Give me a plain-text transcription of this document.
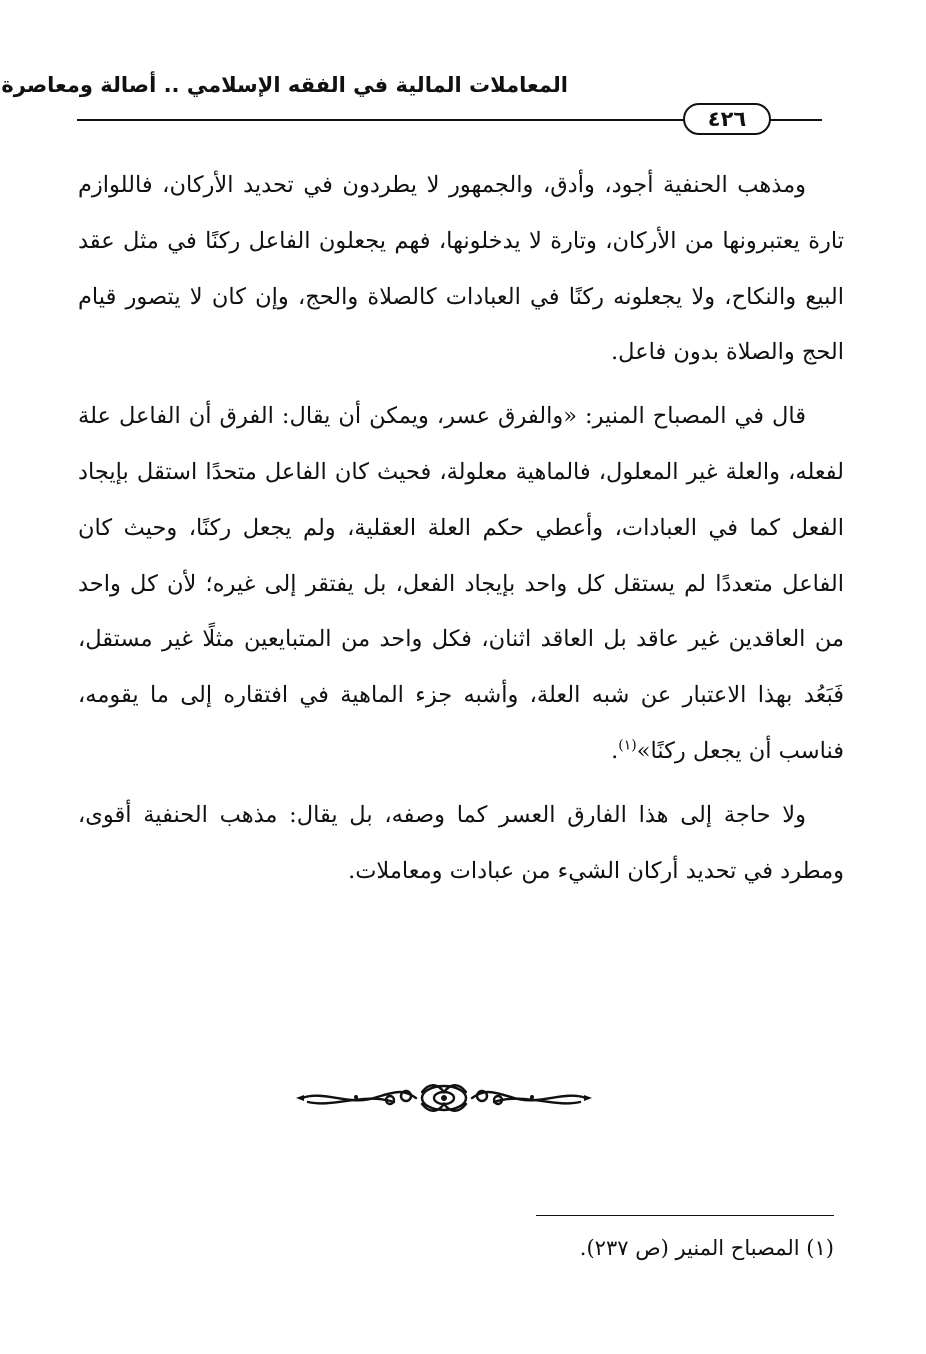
المعاملات المالية في الفقه الإسلامي .. أصالة ومعاصرة
٤٢٦

ومذهب الحنفية أجود، وأدق، والجمهور لا يطردون في تحديد الأركان، فاللوازم تارة يعتبرونها من الأركان، وتارة لا يدخلونها، فهم يجعلون الفاعل ركنًا في مثل عقد البيع والنكاح، ولا يجعلونه ركنًا في العبادات كالصلاة والحج، وإن كان لا يتصور قيام الحج والصلاة بدون فاعل.

قال في المصباح المنير: «والفرق عسر، ويمكن أن يقال: الفرق أن الفاعل علة لفعله، والعلة غير المعلول، فالماهية معلولة، فحيث كان الفاعل متحدًا استقل بإيجاد الفعل كما في العبادات، وأعطي حكم العلة العقلية، ولم يجعل ركنًا، وحيث كان الفاعل متعددًا لم يستقل كل واحد بإيجاد الفعل، بل يفتقر إلى غيره؛ لأن كل واحد من العاقدين غير عاقد بل العاقد اثنان، فكل واحد من المتبايعين مثلًا غير مستقل، فَبَعُد بهذا الاعتبار عن شبه العلة، وأشبه جزء الماهية في افتقاره إلى ما يقومه، فناسب أن يجعل ركنًا»$^{(١)}$.

ولا حاجة إلى هذا الفارق العسر كما وصفه، بل يقال: مذهب الحنفية أقوى، ومطرد في تحديد أركان الشيء من عبادات ومعاملات.

(١) المصباح المنير (ص ٢٣٧).
